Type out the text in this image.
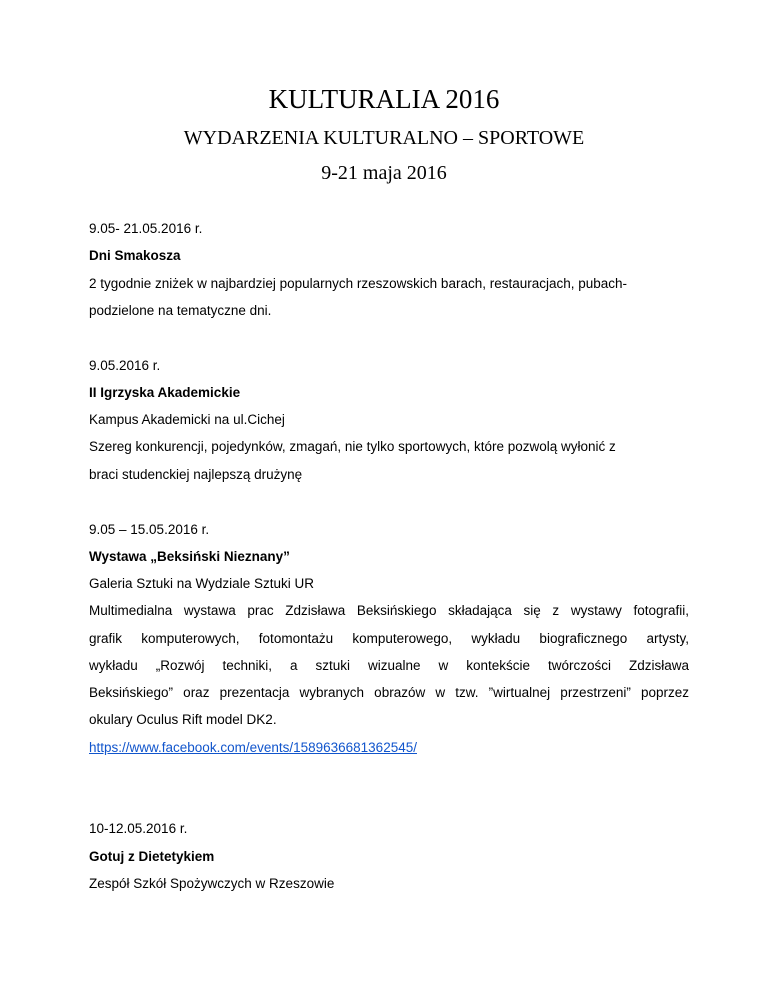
KULTURALIA 2016
WYDARZENIA KULTURALNO – SPORTOWE
9-21 maja 2016
9.05- 21.05.2016 r.
Dni Smakosza
2 tygodnie zniżek w najbardziej popularnych rzeszowskich barach, restauracjach, pubach-
podzielone na tematyczne dni.
9.05.2016 r.
II Igrzyska Akademickie
Kampus Akademicki na ul.Cichej
Szereg konkurencji, pojedynków, zmagań, nie tylko sportowych, które pozwolą wyłonić z
braci studenckiej najlepszą drużynę
9.05 – 15.05.2016 r.
Wystawa „Beksiński Nieznany”
Galeria Sztuki na Wydziale Sztuki UR
Multimedialna wystawa prac Zdzisława Beksińskiego składająca się z wystawy fotografii,
grafik komputerowych, fotomontażu komputerowego, wykładu biograficznego artysty,
wykładu „Rozwój techniki, a sztuki wizualne w kontekście twórczości Zdzisława
Beksińskiego” oraz prezentacja wybranych obrazów w tzw. ”wirtualnej przestrzeni” poprzez
okulary Oculus Rift model DK2.
https://www.facebook.com/events/1589636681362545/
10-12.05.2016 r.
Gotuj z Dietetykiem
Zespół Szkół Spożywczych w Rzeszowie
